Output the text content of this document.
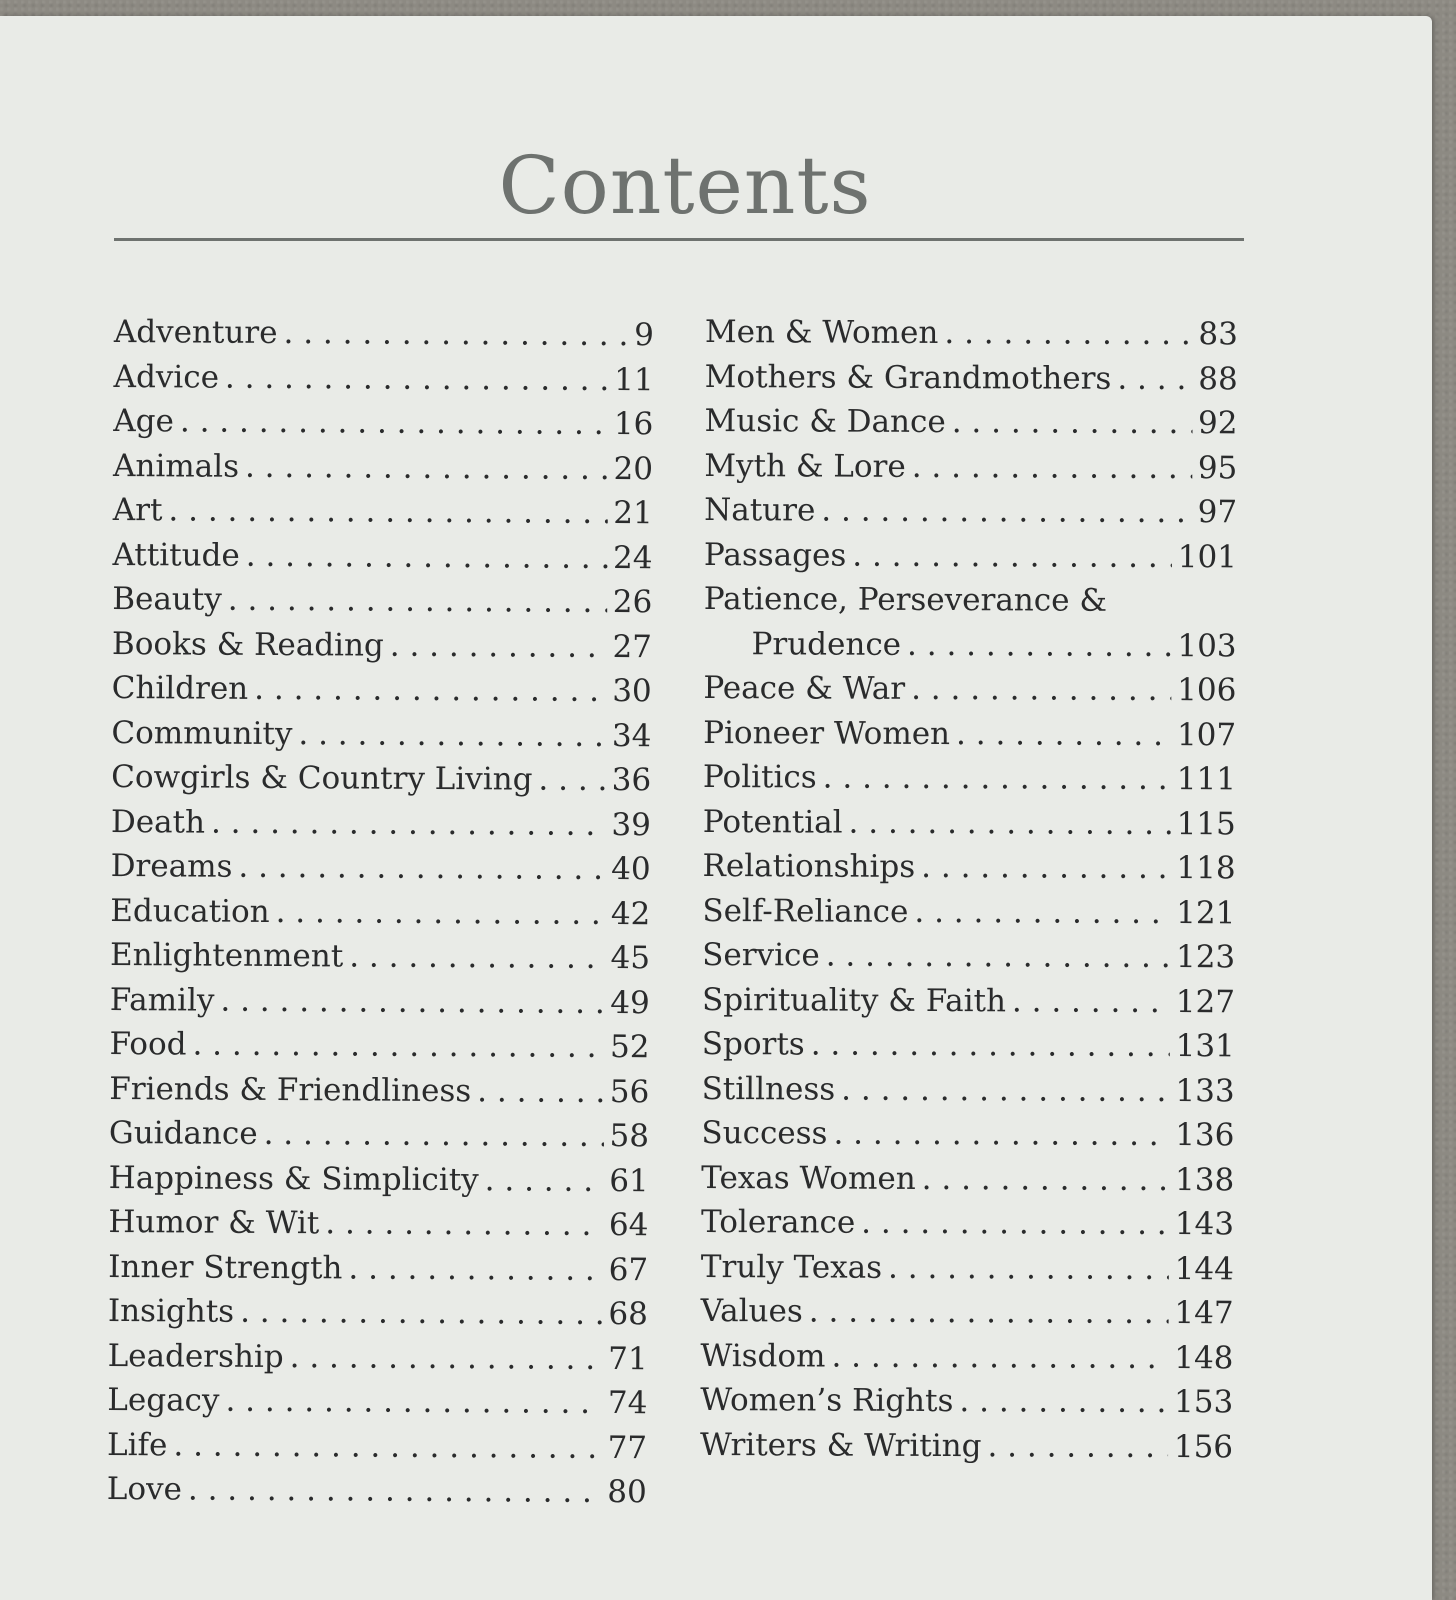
Contents
Adventure . . .	9
Advice . . .	11
Age . . .	16
Animals . . .	20
Art . . .	21
Attitude . . .	24
Beauty . . .	26
Books & Reading . . .	27
Children . . .	30
Community . . .	34
Cowgirls & Country Living . . .	36
Death . . .	39
Dreams . . .	40
Education . . .	42
Enlightenment . . .	45
Family . . .	49
Food . . .	52
Friends & Friendliness . . .	56
Guidance . . .	58
Happiness & Simplicity . . .	61
Humor & Wit . . .	64
Inner Strength . . .	67
Insights . . .	68
Leadership . . .	71
Legacy . . .	74
Life . . .	77
Love . . .	80
Men & Women . . .	83
Mothers & Grandmothers . . .	88
Music & Dance . . .	92
Myth & Lore . . .	95
Nature . . .	97
Passages . . .	101
Patience, Perseverance &
Prudence . . .	103
Peace & War . . .	106
Pioneer Women . . .	107
Politics . . .	111
Potential . . .	115
Relationships . . .	118
Self-Reliance . . .	121
Service . . .	123
Spirituality & Faith . . .	127
Sports . . .	131
Stillness . . .	133
Success . . .	136
Texas Women . . .	138
Tolerance . . .	143
Truly Texas . . .	144
Values . . .	147
Wisdom . . .	148
Women’s Rights . . .	153
Writers & Writing . . .	156
